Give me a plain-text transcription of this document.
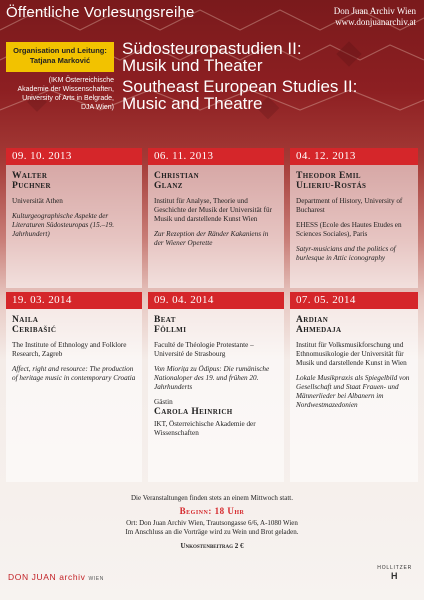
Öffentliche Vorlesungsreihe	Don Juan Archiv Wien
www.donjuanarchiv.at
Organisation und Leitung:
Tatjana Marković
(IKM Österreichische
Akademie der Wissenschaften,
University of Arts in Belgrade,
DJA Wien)
Südosteuropastudien II:
Musik und Theater
Southeast European Studies II:
Music and Theatre
09. 10. 2013
Walter
Puchner
Universität Athen
Kulturgeographische Aspekte der Literaturen Südosteuropas (15.–19. Jahrhundert)
06. 11. 2013
Christian
Glanz
Institut für Analyse, Theorie und Geschichte der Musik der Universität für Musik und darstellende Kunst Wien
Zur Rezeption der Ränder Kakaniens in der Wiener Operette
04. 12. 2013
Theodor Emil
Ulieriu-Rostás
Department of History, University of Bucharest
EHESS (Ecole des Hautes Etudes en Sciences Sociales), Paris
Satyr-musicians and the politics of burlesque in Attic iconography
19. 03. 2014
Naila
Ceribašić
The Institute of Ethnology and Folklore Research, Zagreb
Affect, right and resource: The production of heritage music in contemporary Croatia
09. 04. 2014
Beat
Föllmi
Faculté de Théologie Protestante – Université de Strasbourg
Von Miorița zu Ödipus: Die rumänische Nationaloper des 19. und frühen 20. Jahrhunderts
Gästin
Carola Heinrich
IKT, Österreichische Akademie der Wissenschaften
07. 05. 2014
Ardian
Ahmedaja
Institut für Volksmusikforschung und Ethnomusikologie der Universität für Musik und darstellende Kunst in Wien
Lokale Musikpraxis als Spiegelbild von Gesellschaft und Staat Frauen- und Männerlieder bei Albanern im Nordwestmazedonien
Die Veranstaltungen finden stets an einem Mittwoch statt.
Beginn: 18 Uhr
Ort: Don Juan Archiv Wien, Trautsongasse 6/6, A-1080 Wien
Im Anschluss an die Vorträge wird zu Wein und Brot geladen.
Unkostenbeitrag 2 €
DON JUAN archiv WIEN
HOLLITZER
H
